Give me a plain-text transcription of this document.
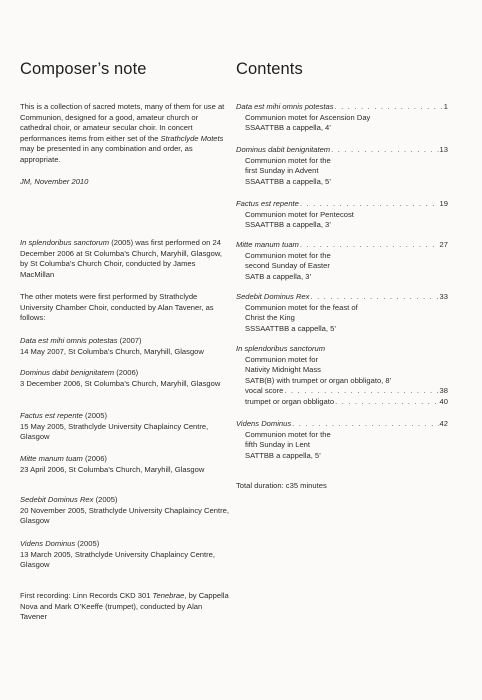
Composer’s note

This is a collection of sacred motets, many of them for use at Communion, designed for a good, amateur church or cathedral choir, or amateur secular choir. In concert performances items from either set of the Strathclyde Motets may be presented in any combination and order, as appropriate.

JM, November 2010

In splendoribus sanctorum (2005) was first performed on 24 December 2006 at St Columba’s Church, Maryhill, Glasgow, by St Columba’s Church Choir, conducted by James MacMillan

The other motets were first performed by Strathclyde University Chamber Choir, conducted by Alan Tavener, as follows:

Data est mihi omnis potestas (2007)
14 May 2007, St Columba’s Church, Maryhill, Glasgow
Dominus dabit benignitatem (2006)
3 December 2006, St Columba’s Church, Maryhill, Glasgow
Factus est repente (2005)
15 May 2005, Strathclyde University Chaplaincy Centre, Glasgow
Mitte manum tuam (2006)
23 April 2006, St Columba’s Church, Maryhill, Glasgow
Sedebit Dominus Rex (2005)
20 November 2005, Strathclyde University Chaplaincy Centre, Glasgow
Videns Dominus (2005)
13 March 2005, Strathclyde University Chaplaincy Centre, Glasgow

First recording: Linn Records CKD 301 Tenebrae, by Cappella Nova and Mark O’Keeffe (trumpet), conducted by Alan Tavener

Contents
Data est mihi omnis potestas . . .	1
Communion motet for Ascension Day
SSAATTBB a cappella, 4’
Dominus dabit benignitatem . . .	13
Communion motet for the
first Sunday in Advent
SSAATTBB a cappella, 5’
Factus est repente . . .	19
Communion motet for Pentecost
SSAATTBB a cappella, 3’
Mitte manum tuam . . .	27
Communion motet for the
second Sunday of Easter
SATB a cappella, 3’
Sedebit Dominus Rex . . .	33
Communion motet for the feast of
Christ the King
SSSAATTBB a cappella, 5’
In splendoribus sanctorum
Communion motet for
Nativity Midnight Mass
SATB(B) with trumpet or organ obbligato, 8’
vocal score . . .	38
trumpet or organ obbligato . . .	40
Videns Dominus . . .	42
Communion motet for the
fifth Sunday in Lent
SATTBB a cappella, 5’

Total duration: c35 minutes
